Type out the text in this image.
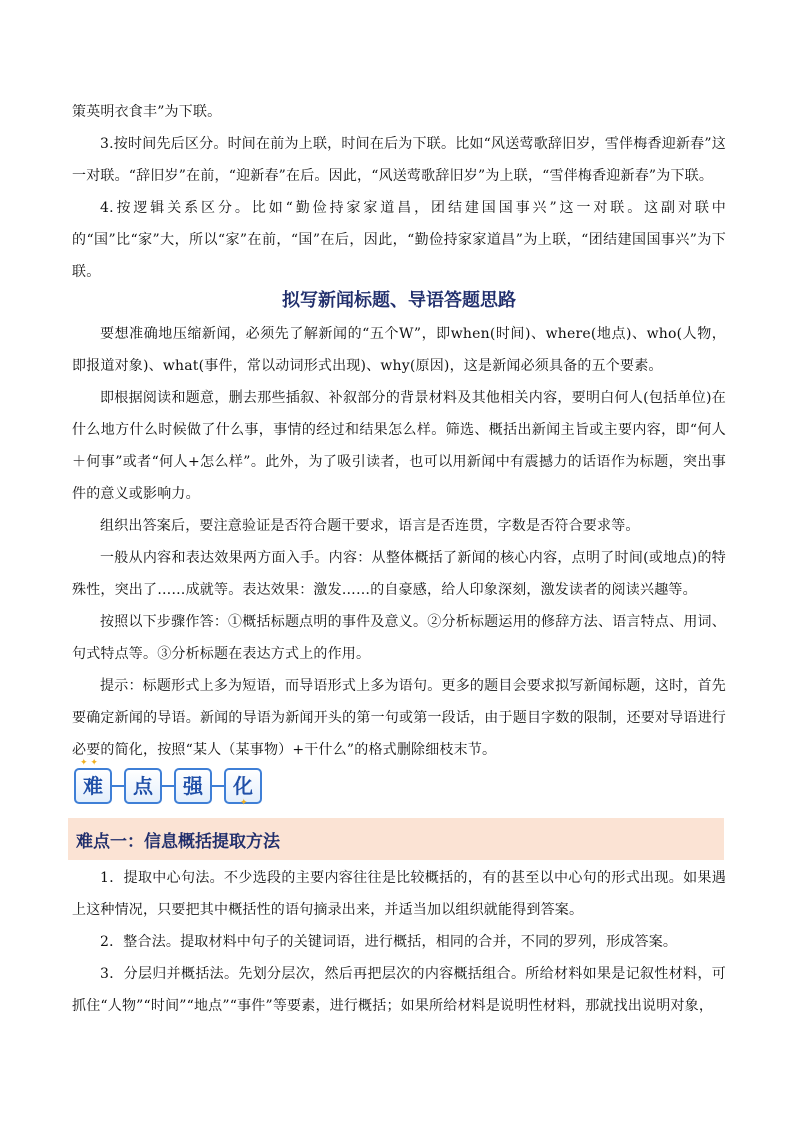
策英明衣食丰”为下联。

3.按时间先后区分。时间在前为上联，时间在后为下联。比如“风送莺歌辞旧岁，雪伴梅香迎新春”这一对联。“辞旧岁”在前，“迎新春”在后。因此，“风送莺歌辞旧岁”为上联，“雪伴梅香迎新春”为下联。

4.按逻辑关系区分。比如“勤俭持家家道昌，团结建国国事兴”这一对联。这副对联中的“国”比“家”大，所以“家”在前，“国”在后，因此，“勤俭持家家道昌”为上联，“团结建国国事兴”为下联。

拟写新闻标题、导语答题思路

要想准确地压缩新闻，必须先了解新闻的“五个W”，即when(时间)、where(地点)、who(人物，即报道对象)、what(事件，常以动词形式出现)、why(原因)，这是新闻必须具备的五个要素。

即根据阅读和题意，删去那些插叙、补叙部分的背景材料及其他相关内容，要明白何人(包括单位)在什么地方什么时候做了什么事，事情的经过和结果怎么样。筛选、概括出新闻主旨或主要内容，即“何人＋何事”或者“何人+怎么样”。此外，为了吸引读者，也可以用新闻中有震撼力的话语作为标题，突出事件的意义或影响力。

组织出答案后，要注意验证是否符合题干要求，语言是否连贯，字数是否符合要求等。

一般从内容和表达效果两方面入手。内容：从整体概括了新闻的核心内容，点明了时间(或地点)的特殊性，突出了……成就等。表达效果：激发……的自豪感，给人印象深刻，激发读者的阅读兴趣等。

按照以下步骤作答：①概括标题点明的事件及意义。②分析标题运用的修辞方法、语言特点、用词、句式特点等。③分析标题在表达方式上的作用。

提示：标题形式上多为短语，而导语形式上多为语句。更多的题目会要求拟写新闻标题，这时，首先要确定新闻的导语。新闻的导语为新闻开头的第一句或第一段话，由于题目字数的限制，还要对导语进行必要的简化，按照“某人（某事物）+干什么”的格式删除细枝末节。

✦ ✦
难	点	强	化
✦
难点一：信息概括提取方法

1．提取中心句法。不少选段的主要内容往往是比较概括的，有的甚至以中心句的形式出现。如果遇上这种情况，只要把其中概括性的语句摘录出来，并适当加以组织就能得到答案。

2．整合法。提取材料中句子的关键词语，进行概括，相同的合并，不同的罗列，形成答案。

3．分层归并概括法。先划分层次，然后再把层次的内容概括组合。所给材料如果是记叙性材料，可抓住“人物”“时间”“地点”“事件”等要素，进行概括；如果所给材料是说明性材料，那就找出说明对象，
